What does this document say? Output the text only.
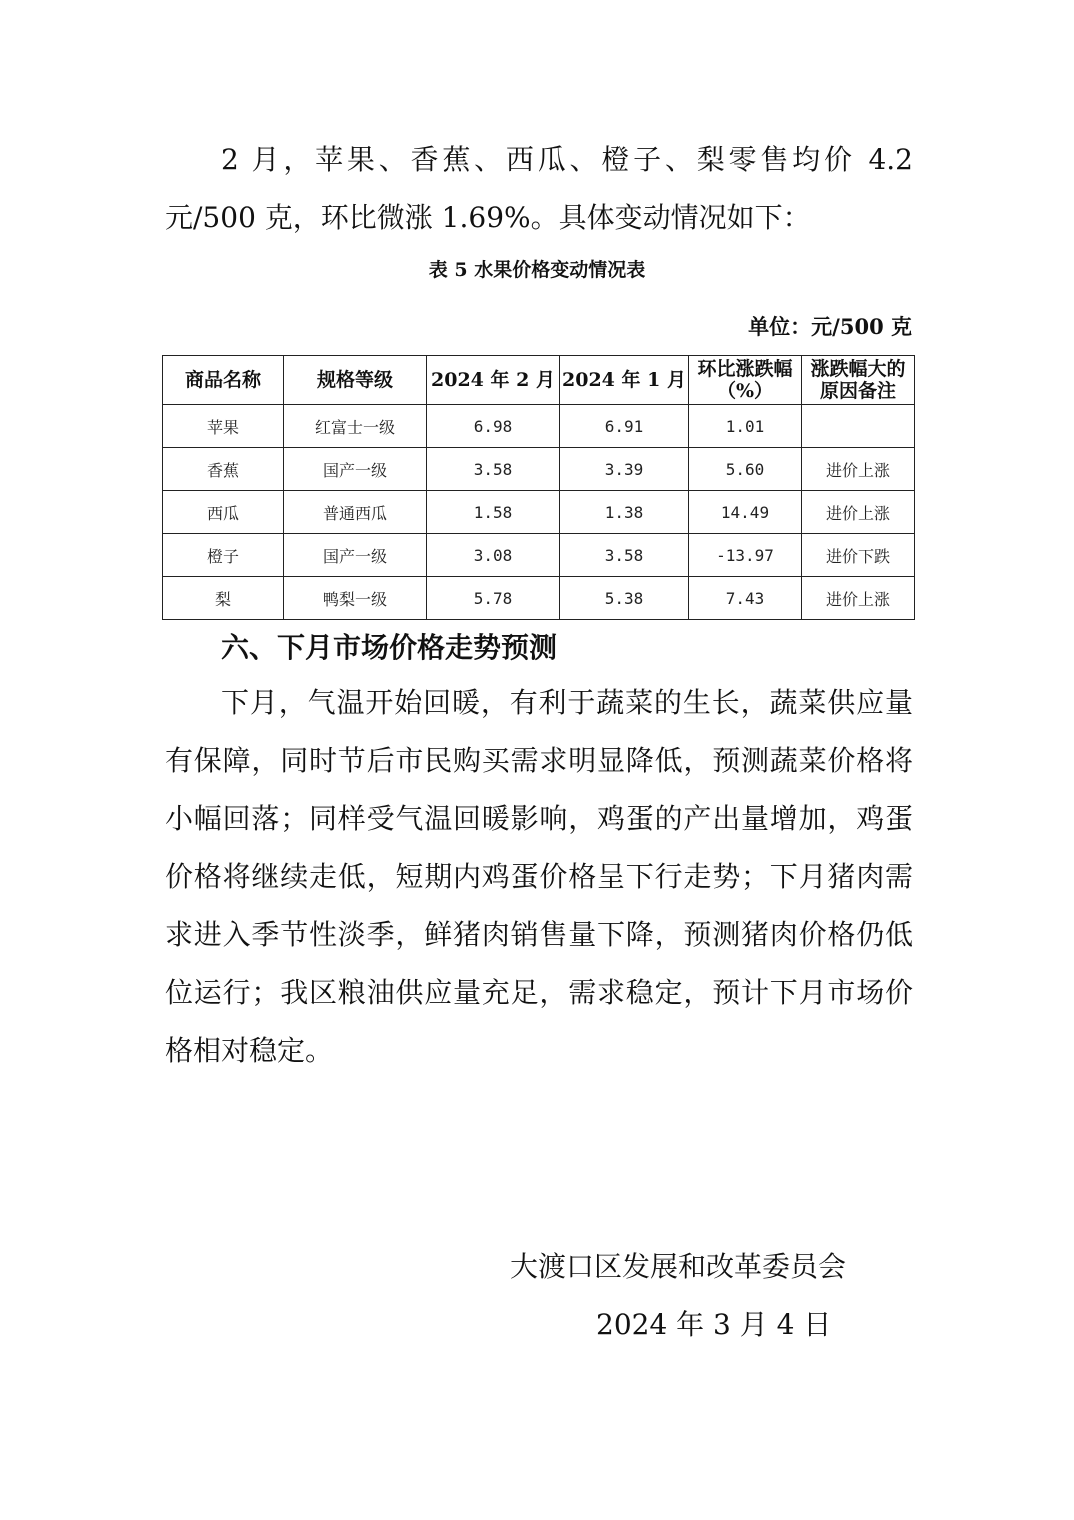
2 月，苹果、香蕉、西瓜、橙子、梨零售均价 4.2 元/500 克，环比微涨 1.69%。具体变动情况如下：

表 5 水果价格变动情况表

单位：元/500 克

商品名称	规格等级	2024 年 2 月	2024 年 1 月	环比涨跌幅（%）	涨跌幅大的原因备注
苹果	红富士一级	6.98	6.91	1.01	
香蕉	国产一级	3.58	3.39	5.60	进价上涨
西瓜	普通西瓜	1.58	1.38	14.49	进价上涨
橙子	国产一级	3.08	3.58	-13.97	进价下跌
梨	鸭梨一级	5.78	5.38	7.43	进价上涨

六、下月市场价格走势预测

下月，气温开始回暖，有利于蔬菜的生长，蔬菜供应量有保障，同时节后市民购买需求明显降低，预测蔬菜价格将小幅回落；同样受气温回暖影响，鸡蛋的产出量增加，鸡蛋价格将继续走低，短期内鸡蛋价格呈下行走势；下月猪肉需求进入季节性淡季，鲜猪肉销售量下降，预测猪肉价格仍低位运行；我区粮油供应量充足，需求稳定，预计下月市场价格相对稳定。

大渡口区发展和改革委员会

2024 年 3 月 4 日
